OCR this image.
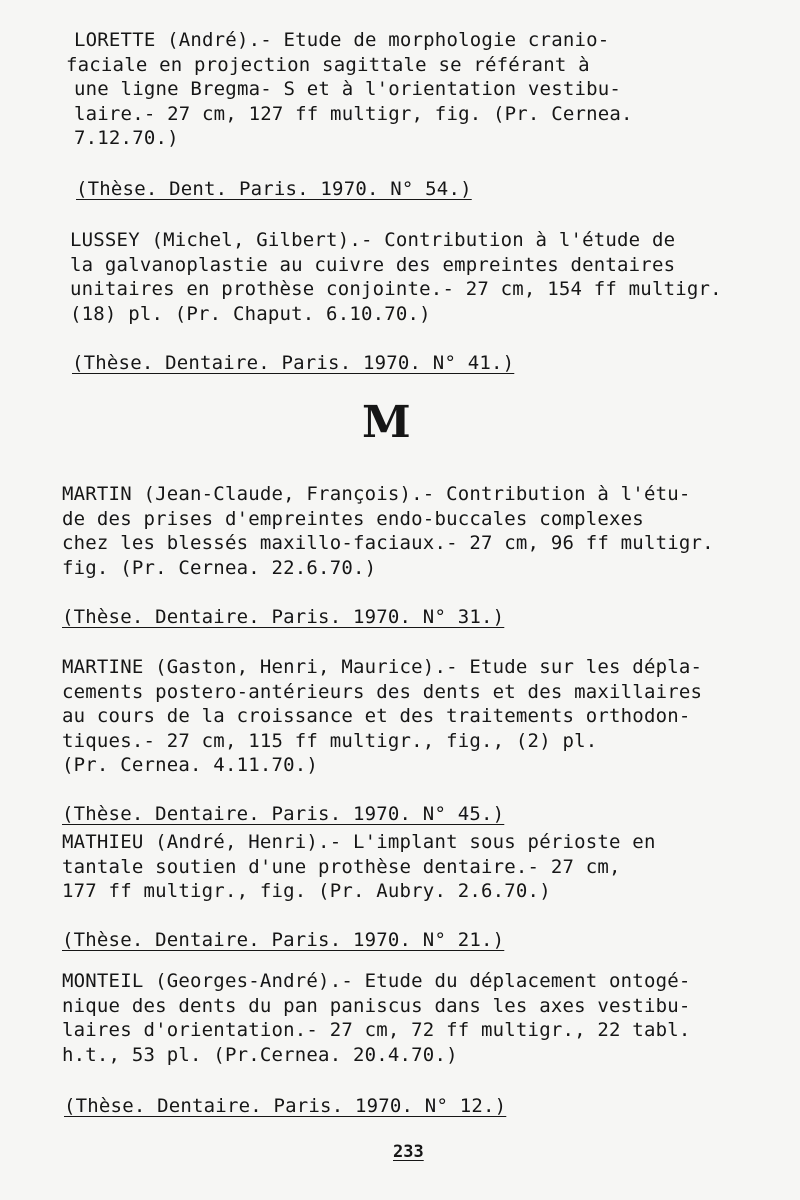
LORETTE (André).- Etude de morphologie cranio-
faciale en projection sagittale se référant à
une ligne Bregma- S et à l'orientation vestibu-
laire.- 27 cm, 127 ff multigr, fig. (Pr. Cernea.
7.12.70.)
(Thèse. Dent. Paris. 1970. N° 54.)
LUSSEY (Michel, Gilbert).- Contribution à l'étude de
la galvanoplastie au cuivre des empreintes dentaires
unitaires en prothèse conjointe.- 27 cm, 154 ff multigr.
(18) pl. (Pr. Chaput. 6.10.70.)
(Thèse. Dentaire. Paris. 1970. N° 41.)
M
MARTIN (Jean-Claude, François).- Contribution à l'étu-
de des prises d'empreintes endo-buccales complexes
chez les blessés maxillo-faciaux.- 27 cm, 96 ff multigr.
fig. (Pr. Cernea. 22.6.70.)
(Thèse. Dentaire. Paris. 1970. N° 31.)
MARTINE (Gaston, Henri, Maurice).- Etude sur les dépla-
cements postero-antérieurs des dents et des maxillaires
au cours de la croissance et des traitements orthodon-
tiques.- 27 cm, 115 ff multigr., fig., (2) pl.
(Pr. Cernea. 4.11.70.)
(Thèse. Dentaire. Paris. 1970. N° 45.)
MATHIEU (André, Henri).- L'implant sous périoste en
tantale soutien d'une prothèse dentaire.- 27 cm,
177 ff multigr., fig. (Pr. Aubry. 2.6.70.)
(Thèse. Dentaire. Paris. 1970. N° 21.)
MONTEIL (Georges-André).- Etude du déplacement ontogé-
nique des dents du pan paniscus dans les axes vestibu-
laires d'orientation.- 27 cm, 72 ff multigr., 22 tabl.
h.t., 53 pl. (Pr.Cernea. 20.4.70.)
(Thèse. Dentaire. Paris. 1970. N° 12.)
233
